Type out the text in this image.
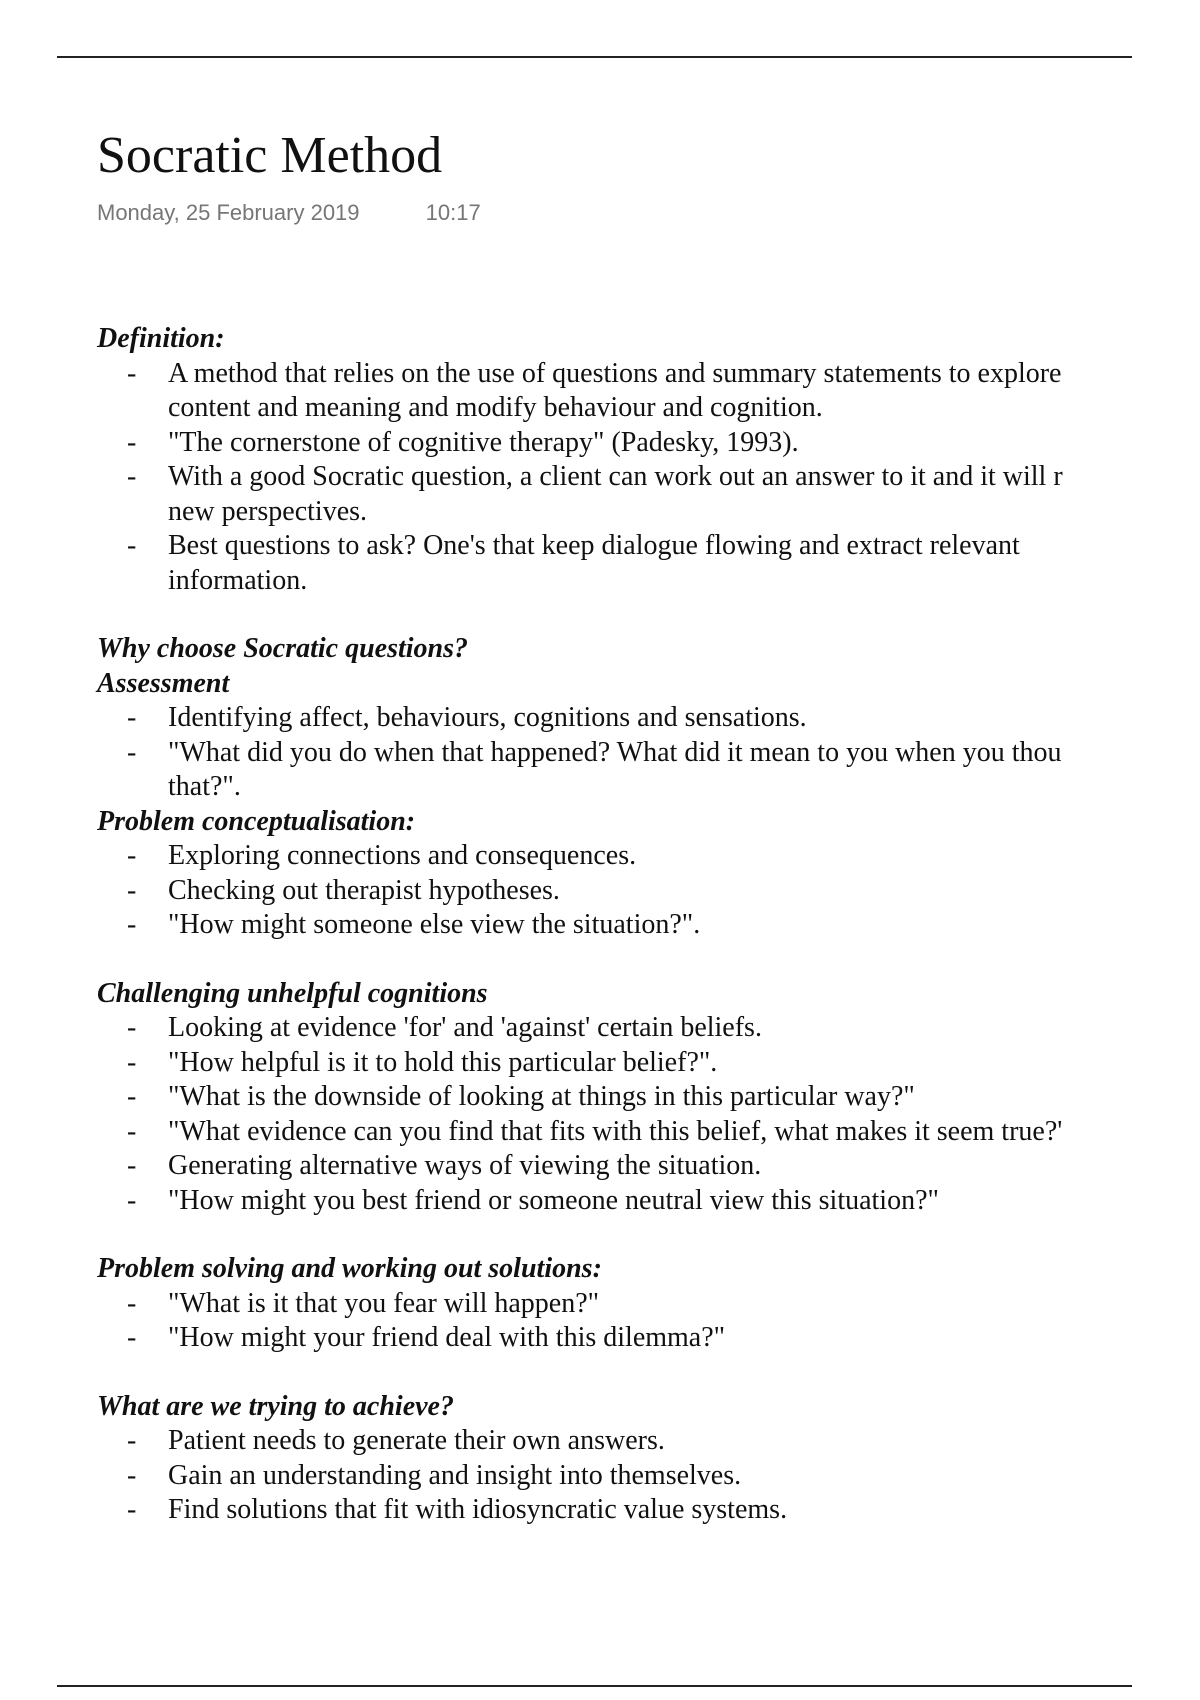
Socratic Method
Monday, 25 February 2019	10:17
Definition:
- A method that relies on the use of questions and summary statements to explore
content and meaning and modify behaviour and cognition.
- "The cornerstone of cognitive therapy" (Padesky, 1993).
- With a good Socratic question, a client can work out an answer to it and it will r
new perspectives.
- Best questions to ask? One's that keep dialogue flowing and extract relevant
information.
Why choose Socratic questions?
Assessment
- Identifying affect, behaviours, cognitions and sensations.
- "What did you do when that happened? What did it mean to you when you thou
that?".
Problem conceptualisation:
- Exploring connections and consequences.
- Checking out therapist hypotheses.
- "How might someone else view the situation?".
Challenging unhelpful cognitions
- Looking at evidence 'for' and 'against' certain beliefs.
- "How helpful is it to hold this particular belief?".
- "What is the downside of looking at things in this particular way?"
- "What evidence can you find that fits with this belief, what makes it seem true?'
- Generating alternative ways of viewing the situation.
- "How might you best friend or someone neutral view this situation?"
Problem solving and working out solutions:
- "What is it that you fear will happen?"
- "How might your friend deal with this dilemma?"
What are we trying to achieve?
- Patient needs to generate their own answers.
- Gain an understanding and insight into themselves.
- Find solutions that fit with idiosyncratic value systems.
